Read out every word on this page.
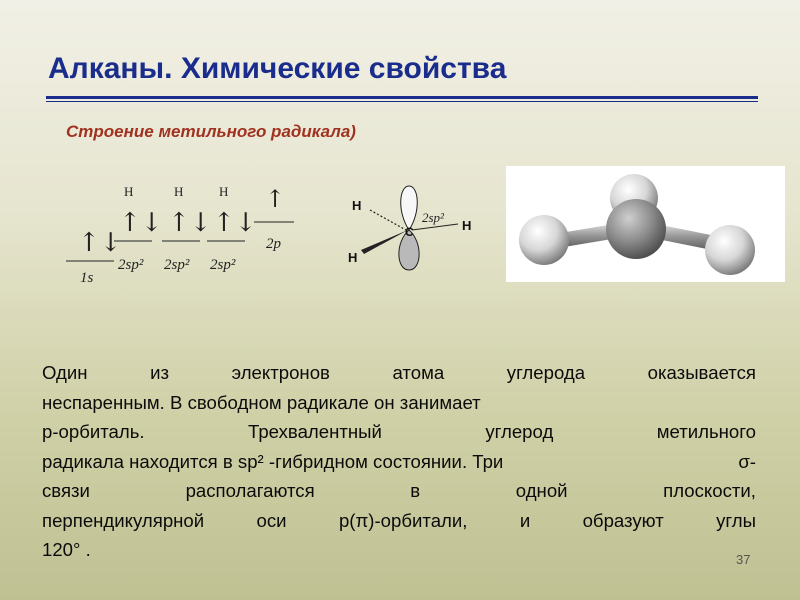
Алканы. Химические свойства
Строение метильного радикала)
↑↓
1s
H
↑↓
2sp²
H
↑↓
2sp²
H
↑↓
2sp²
↑
2p
H
H
H
C
2sp²
Один	из	электронов	атома	углерода	оказывается
неспаренным. В свободном радикале он занимает
p-орбиталь.	Трехвалентный	углерод	метильного
радикала находится в sp² -гибридном состоянии. Три	σ-
связи	располагаются	в	одной	плоскости,
перпендикулярной	оси	p(π)-орбитали,	и	образуют	углы
120° .	37
